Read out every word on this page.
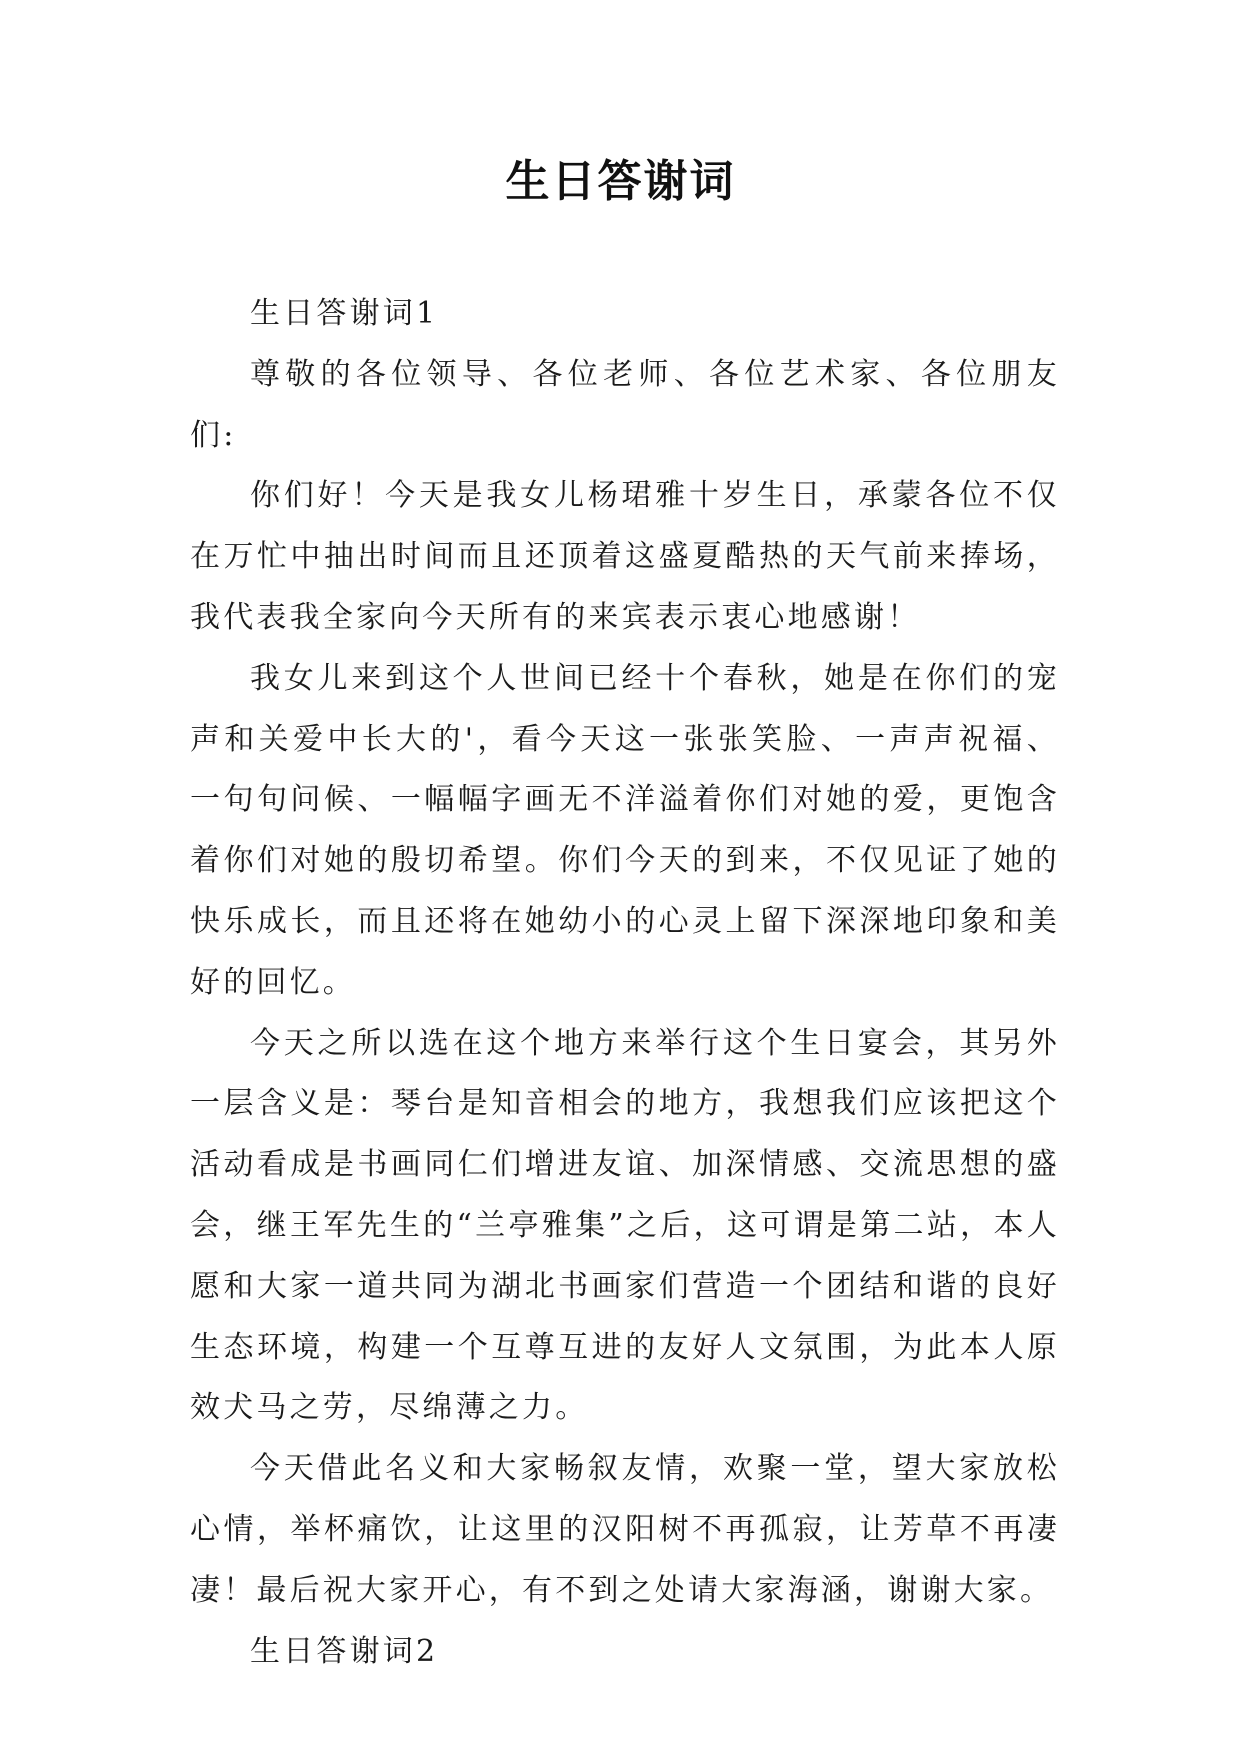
生日答谢词

生日答谢词1

尊敬的各位领导、各位老师、各位艺术家、各位朋友们:

你们好！今天是我女儿杨珺雅十岁生日，承蒙各位不仅在万忙中抽出时间而且还顶着这盛夏酷热的天气前来捧场，我代表我全家向今天所有的来宾表示衷心地感谢！

我女儿来到这个人世间已经十个春秋，她是在你们的宠声和关爱中长大的'，看今天这一张张笑脸、一声声祝福、一句句问候、一幅幅字画无不洋溢着你们对她的爱，更饱含着你们对她的殷切希望。你们今天的到来，不仅见证了她的快乐成长，而且还将在她幼小的心灵上留下深深地印象和美好的回忆。

今天之所以选在这个地方来举行这个生日宴会，其另外一层含义是：琴台是知音相会的地方，我想我们应该把这个活动看成是书画同仁们增进友谊、加深情感、交流思想的盛会，继王军先生的“兰亭雅集”之后，这可谓是第二站，本人愿和大家一道共同为湖北书画家们营造一个团结和谐的良好生态环境，构建一个互尊互进的友好人文氛围，为此本人原效犬马之劳，尽绵薄之力。

今天借此名义和大家畅叙友情，欢聚一堂，望大家放松心情，举杯痛饮，让这里的汉阳树不再孤寂，让芳草不再凄凄！最后祝大家开心，有不到之处请大家海涵，谢谢大家。

生日答谢词2
